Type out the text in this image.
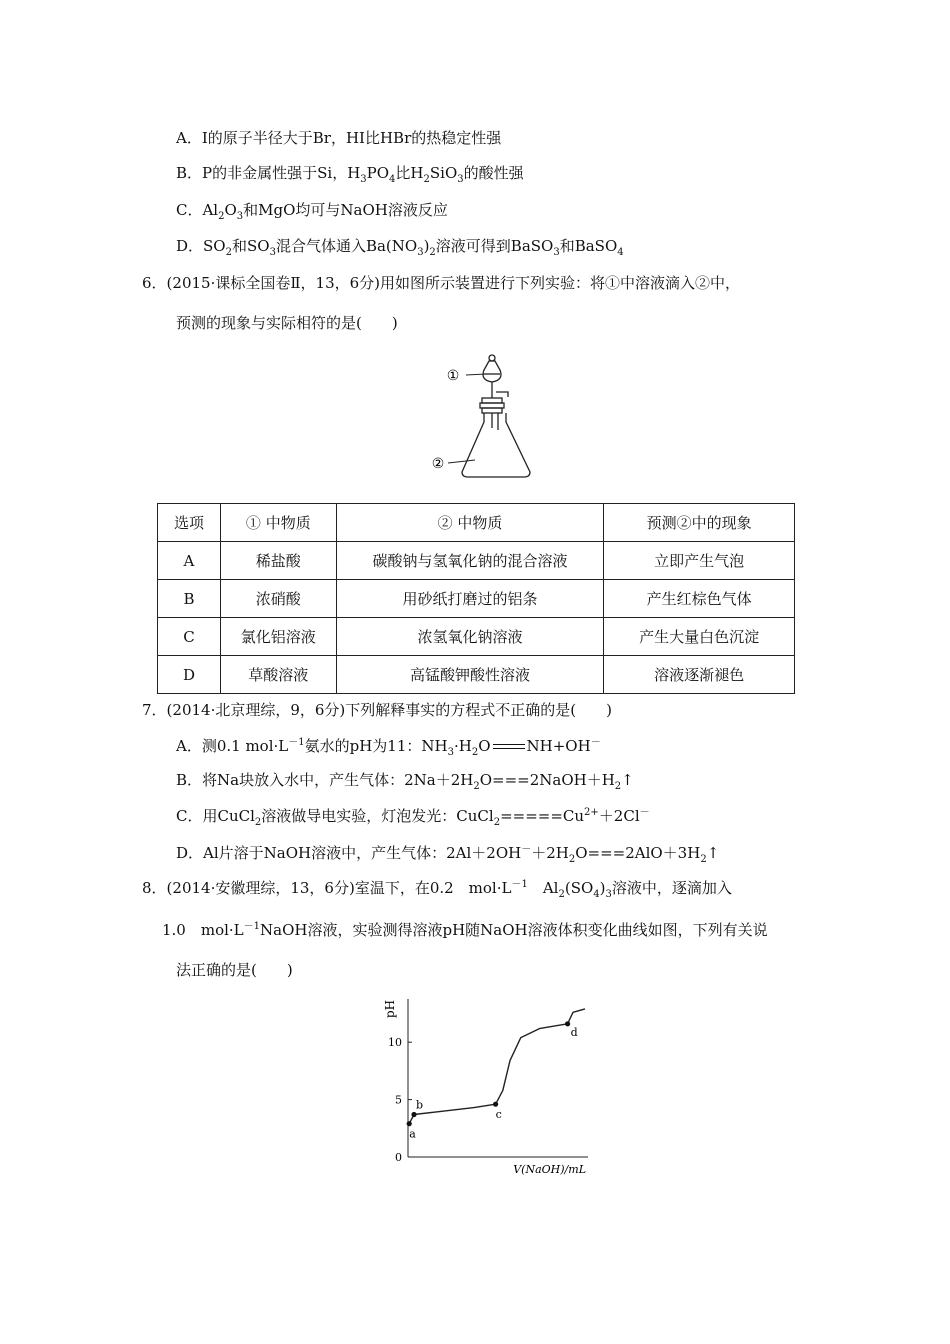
A．I的原子半径大于Br，HI比HBr的热稳定性强
B．P的非金属性强于Si，$H_3PO_4$比$H_2SiO_3$的酸性强
C．$Al_2O_3$和MgO均可与NaOH溶液反应
D．$SO_2$和$SO_3$混合气体通入$Ba(NO_3)_2$溶液可得到BaSO$_3$和BaSO$_4$
6．(2015·课标全国卷Ⅱ，13，6分)用如图所示装置进行下列实验：将①中溶液滴入②中，
预测的现象与实际相符的是(　　)
①
②
选项	① 中物质	② 中物质	预测②中的现象
A	稀盐酸	碳酸钠与氢氧化钠的混合溶液	立即产生气泡
B	浓硝酸	用砂纸打磨过的铝条	产生红棕色气体
C	氯化铝溶液	浓氢氧化钠溶液	产生大量白色沉淀
D	草酸溶液	高锰酸钾酸性溶液	溶液逐渐褪色
7．(2014·北京理综，9，6分)下列解释事实的方程式不正确的是(　　)
A．测0.1 $mol\cdot L^{-1}$氨水的pH为11：$NH_3\cdot H_2O$ NH+OH－
B．将Na块放入水中，产生气体：$2Na+2H_2O===2NaOH+H_2↑$
C．用CuCl$_2$溶液做导电实验，灯泡发光：$CuCl_2=====Cu^{2+}+2Cl^-$
D．Al片溶于NaOH溶液中，产生气体：$2Al+2OH^-+2H_2O===2AlO+3H_2↑$
8．(2014·安徽理综，13，6分)室温下，在0.2　$mol\cdot L^{-1}$　$Al_2(SO_4)_3$溶液中，逐滴加入
1.0　$mol\cdot L^{-1}NaOH$溶液，实验测得溶液pH随NaOH溶液体积变化曲线如图，下列有关说
法正确的是(　　)
0
5
10
a
b
c
d
pH
V(NaOH)/mL
